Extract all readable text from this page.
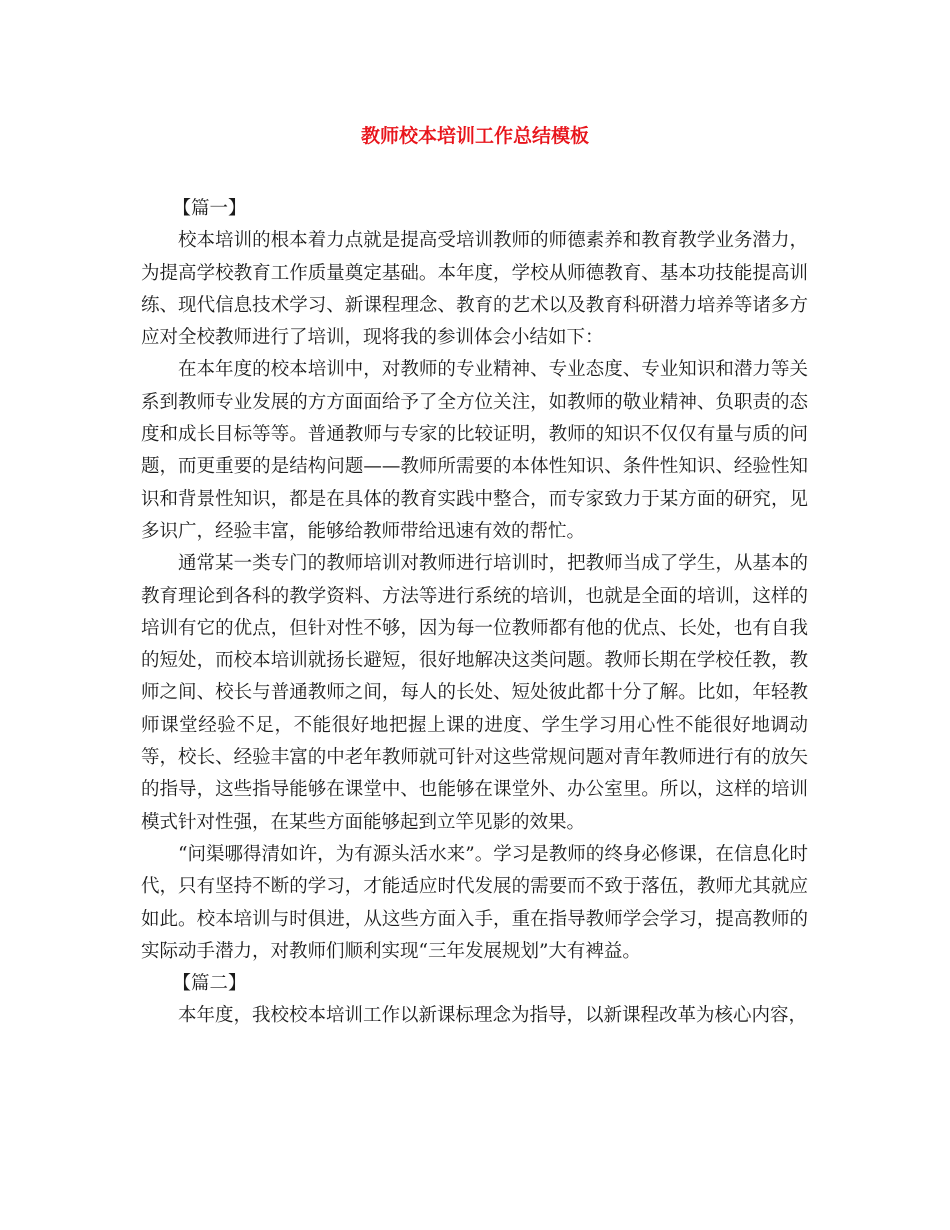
教师校本培训工作总结模板

【篇一】

校本培训的根本着力点就是提高受培训教师的师德素养和教育教学业务潜力，为提高学校教育工作质量奠定基础。本年度，学校从师德教育、基本功技能提高训练、现代信息技术学习、新课程理念、教育的艺术以及教育科研潜力培养等诸多方应对全校教师进行了培训，现将我的参训体会小结如下：

在本年度的校本培训中，对教师的专业精神、专业态度、专业知识和潜力等关系到教师专业发展的方方面面给予了全方位关注，如教师的敬业精神、负职责的态度和成长目标等等。普通教师与专家的比较证明，教师的知识不仅仅有量与质的问题，而更重要的是结构问题——教师所需要的本体性知识、条件性知识、经验性知识和背景性知识，都是在具体的教育实践中整合，而专家致力于某方面的研究，见多识广，经验丰富，能够给教师带给迅速有效的帮忙。

通常某一类专门的教师培训对教师进行培训时，把教师当成了学生，从基本的教育理论到各科的教学资料、方法等进行系统的培训，也就是全面的培训，这样的培训有它的优点，但针对性不够，因为每一位教师都有他的优点、长处，也有自我的短处，而校本培训就扬长避短，很好地解决这类问题。教师长期在学校任教，教师之间、校长与普通教师之间，每人的长处、短处彼此都十分了解。比如，年轻教师课堂经验不足，不能很好地把握上课的进度、学生学习用心性不能很好地调动等，校长、经验丰富的中老年教师就可针对这些常规问题对青年教师进行有的放矢的指导，这些指导能够在课堂中、也能够在课堂外、办公室里。所以，这样的培训模式针对性强，在某些方面能够起到立竿见影的效果。

“问渠哪得清如许，为有源头活水来”。学习是教师的终身必修课，在信息化时代，只有坚持不断的学习，才能适应时代发展的需要而不致于落伍，教师尤其就应如此。校本培训与时俱进，从这些方面入手，重在指导教师学会学习，提高教师的实际动手潜力，对教师们顺利实现“三年发展规划”大有裨益。

【篇二】

本年度，我校校本培训工作以新课标理念为指导，以新课程改革为核心内容，
